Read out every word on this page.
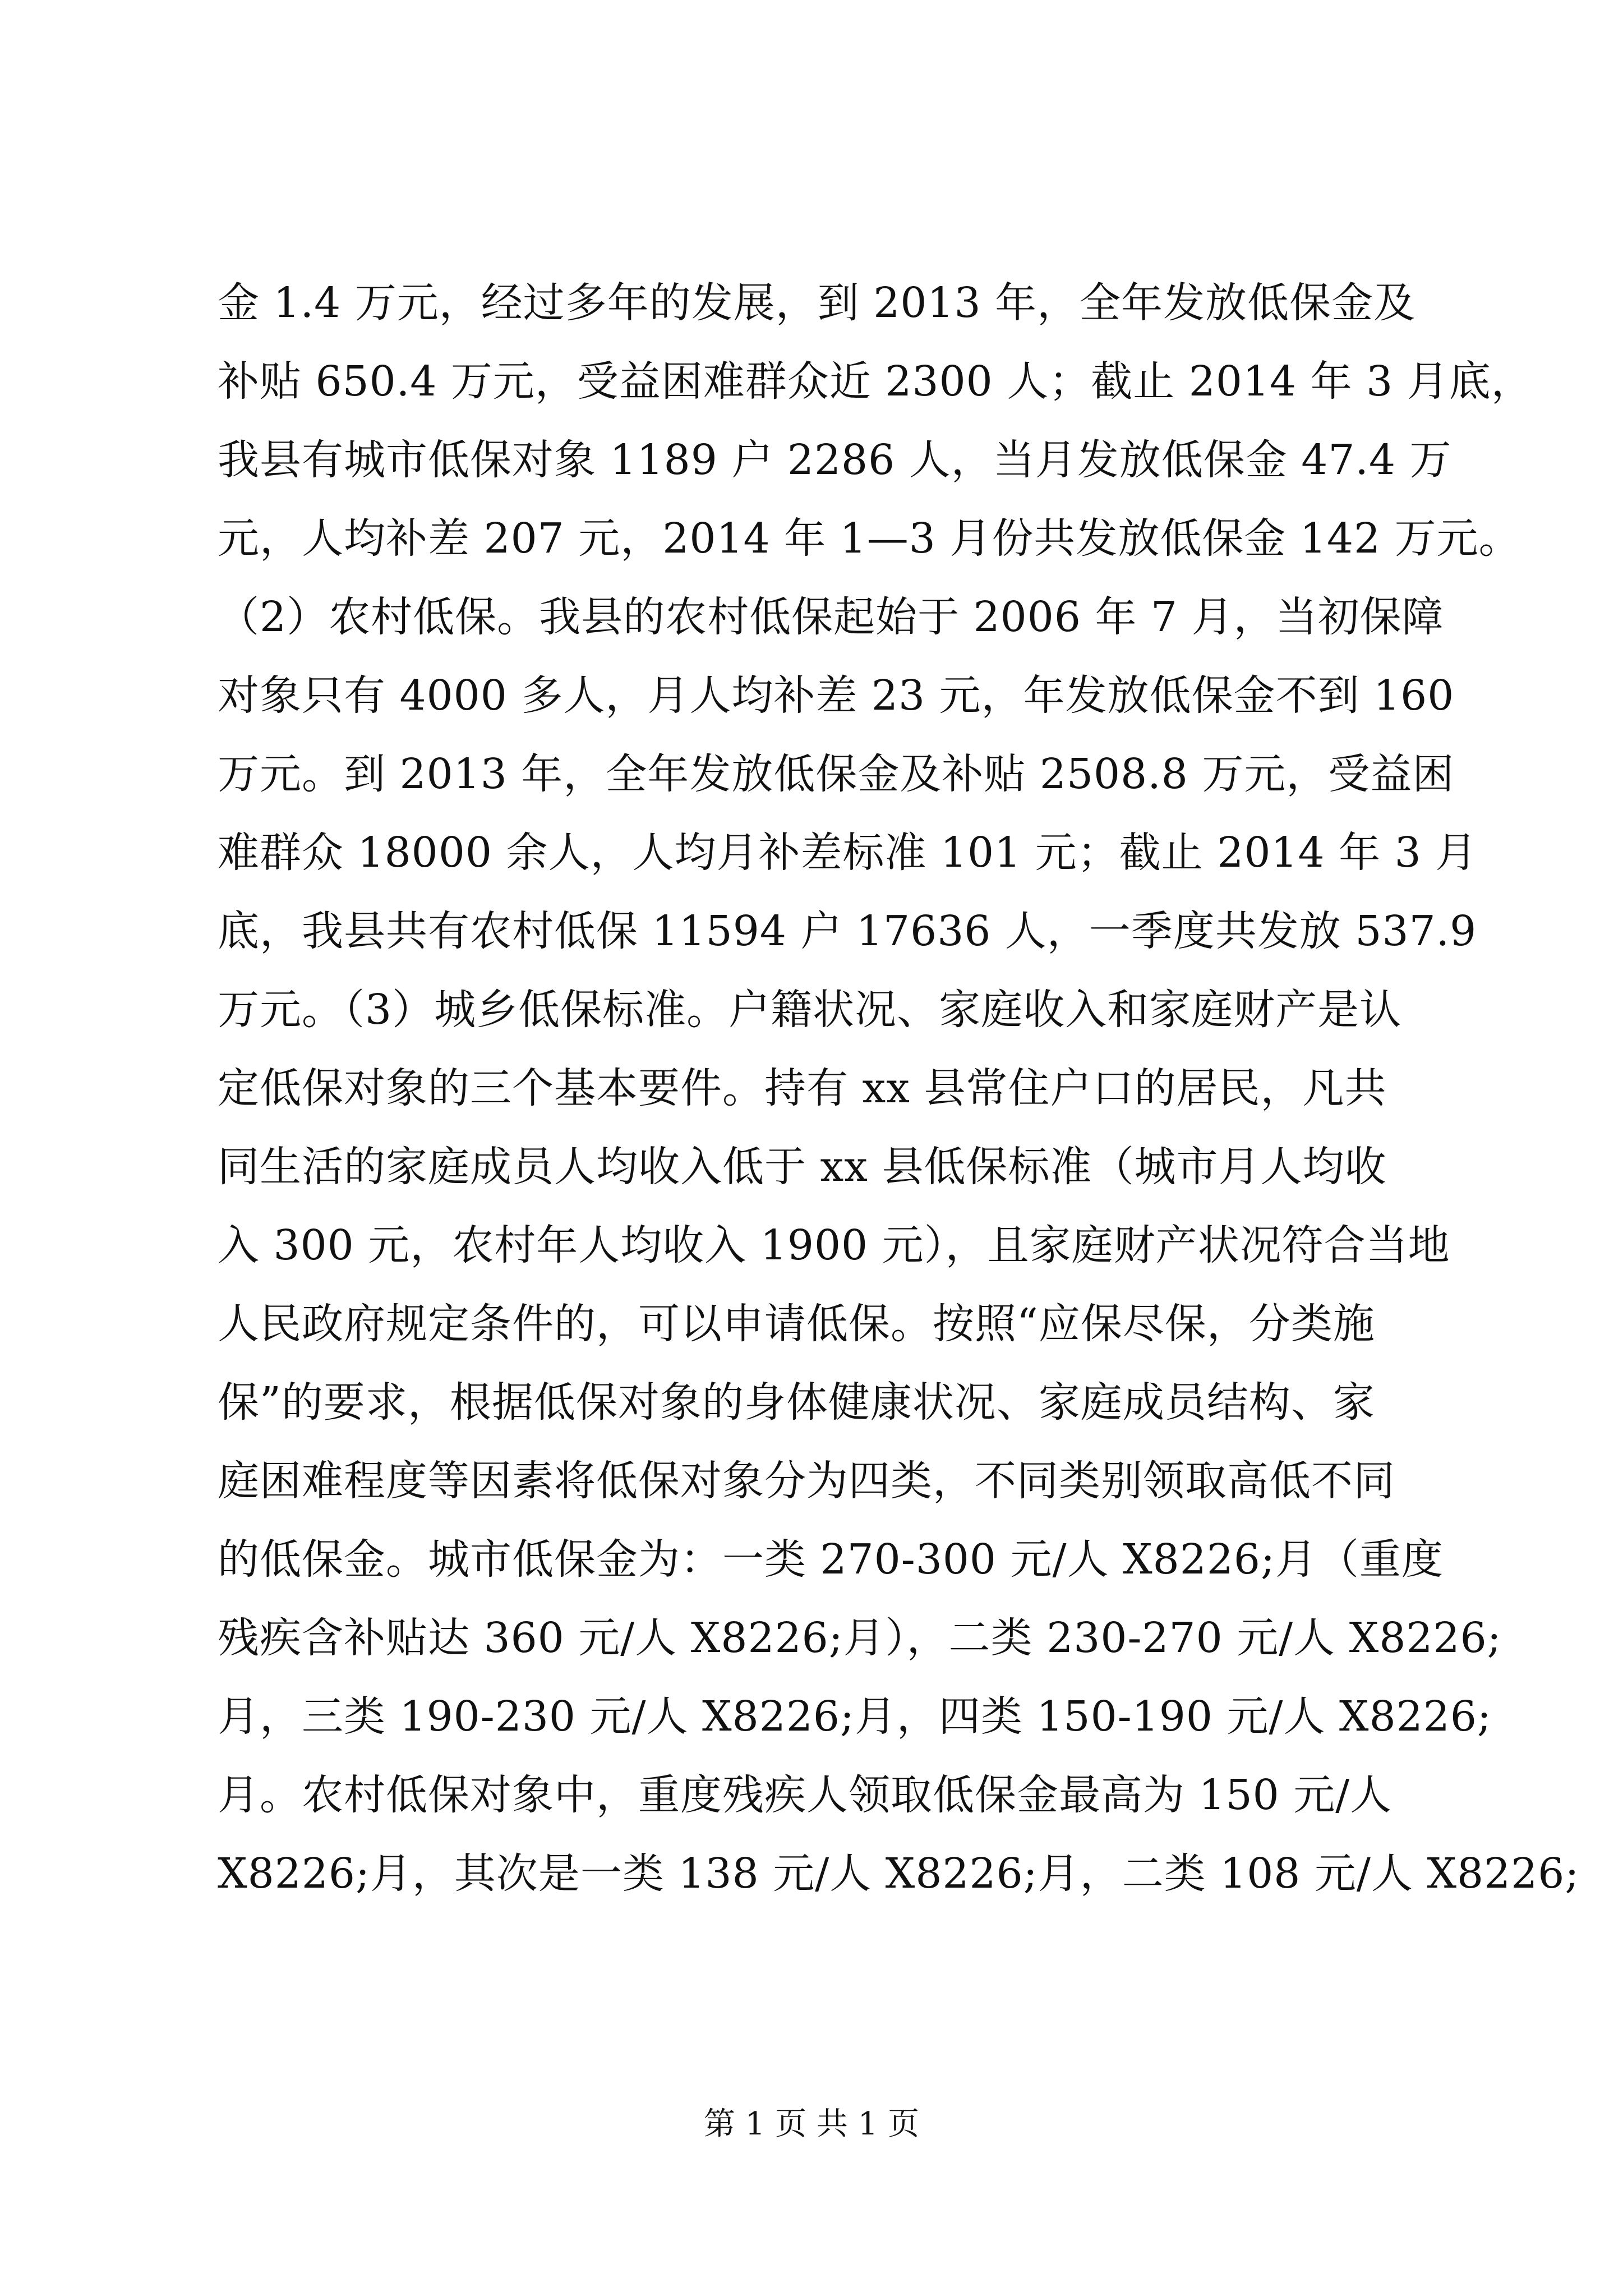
金 1.4 万元，经过多年的发展，到 2013 年，全年发放低保金及
补贴 650.4 万元，受益困难群众近 2300 人；截止 2014 年 3 月底，
我县有城市低保对象 1189 户 2286 人，当月发放低保金 47.4 万
元，人均补差 207 元，2014 年 1—3 月份共发放低保金 142 万元。
（2）农村低保。我县的农村低保起始于 2006 年 7 月，当初保障
对象只有 4000 多人，月人均补差 23 元，年发放低保金不到 160
万元。到 2013 年，全年发放低保金及补贴 2508.8 万元，受益困
难群众 18000 余人，人均月补差标准 101 元；截止 2014 年 3 月
底，我县共有农村低保 11594 户 17636 人，一季度共发放 537.9
万元。（3）城乡低保标准。户籍状况、家庭收入和家庭财产是认
定低保对象的三个基本要件。持有 xx 县常住户口的居民，凡共
同生活的家庭成员人均收入低于 xx 县低保标准（城市月人均收
入 300 元，农村年人均收入 1900 元），且家庭财产状况符合当地
人民政府规定条件的，可以申请低保。按照“应保尽保，分类施
保”的要求，根据低保对象的身体健康状况、家庭成员结构、家
庭困难程度等因素将低保对象分为四类，不同类别领取高低不同
的低保金。城市低保金为：一类 270-300 元/人 X8226;月（重度
残疾含补贴达 360 元/人 X8226;月），二类 230-270 元/人 X8226;
月，三类 190-230 元/人 X8226;月，四类 150-190 元/人 X8226;
月。农村低保对象中，重度残疾人领取低保金最高为 150 元/人
X8226;月，其次是一类 138 元/人 X8226;月，二类 108 元/人 X8226;
第 1 页 共 1 页
